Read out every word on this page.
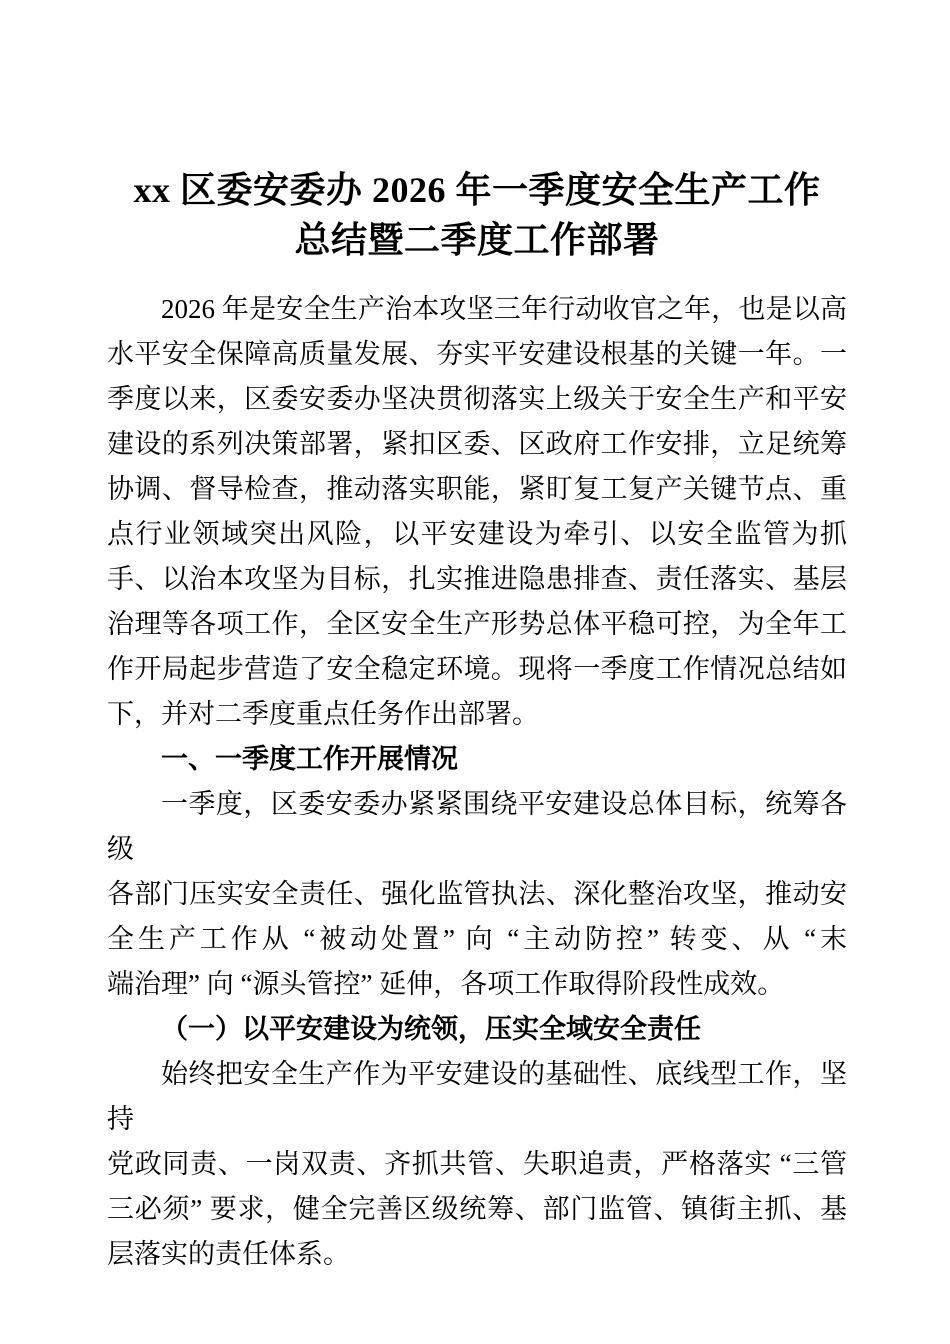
xx 区委安委办 2026 年一季度安全生产工作
总结暨二季度工作部署
2026 年是安全生产治本攻坚三年行动收官之年，也是以高
水平安全保障高质量发展、夯实平安建设根基的关键一年。一
季度以来，区委安委办坚决贯彻落实上级关于安全生产和平安
建设的系列决策部署，紧扣区委、区政府工作安排，立足统筹
协调、督导检查，推动落实职能，紧盯复工复产关键节点、重
点行业领域突出风险，以平安建设为牵引、以安全监管为抓
手、以治本攻坚为目标，扎实推进隐患排查、责任落实、基层
治理等各项工作，全区安全生产形势总体平稳可控，为全年工
作开局起步营造了安全稳定环境。现将一季度工作情况总结如
下，并对二季度重点任务作出部署。
一、一季度工作开展情况
一季度，区委安委办紧紧围绕平安建设总体目标，统筹各级
各部门压实安全责任、强化监管执法、深化整治攻坚，推动安
全生产工作从 “被动处置” 向 “主动防控” 转变、从 “末
端治理” 向 “源头管控” 延伸，各项工作取得阶段性成效。
（一）以平安建设为统领，压实全域安全责任
始终把安全生产作为平安建设的基础性、底线型工作，坚持
党政同责、一岗双责、齐抓共管、失职追责，严格落实 “三管
三必须” 要求，健全完善区级统筹、部门监管、镇街主抓、基
层落实的责任体系。
